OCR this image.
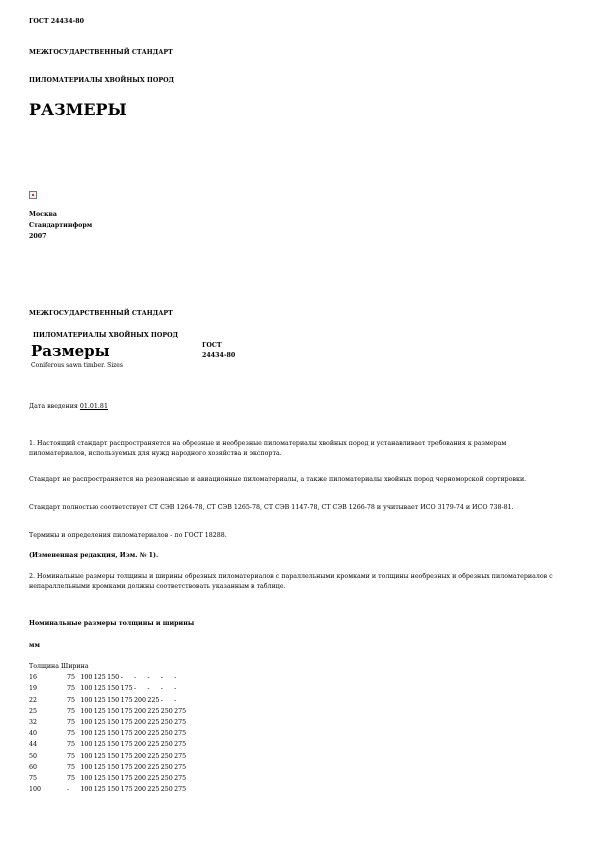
ГОСТ 24434-80
МЕЖГОСУДАРСТВЕННЫЙ СТАНДАРТ
ПИЛОМАТЕРИАЛЫ ХВОЙНЫХ ПОРОД
РАЗМЕРЫ
Москва
Стандартинформ
2007
МЕЖГОСУДАРСТВЕННЫЙ СТАНДАРТ
ПИЛОМАТЕРИАЛЫ ХВОЙНЫХ ПОРОД
Размеры
Coniferous sawn timber. Sizes
ГОСТ
24434-80
Дата введения 01.01.81
1. Настоящий стандарт распространяется на обрезные и необрезные пиломатериалы хвойных пород и устанавливает требования к размерам пиломатериалов, используемых для нужд народного хозяйства и экспорта.
Стандарт не распространяется на резонансные и авиационные пиломатериалы, а также пиломатериалы хвойных пород черноморской сортировки.
Стандарт полностью соответствует СТ СЭВ 1264-78, СТ СЭВ 1265-78, СТ СЭВ 1147-78, СТ СЭВ 1266-78 и учитывает ИСО 3179-74 и ИСО 738-81.
Термины и определения пиломатериалов - по ГОСТ 18288.
(Измененная редакция, Изм. № 1).
2. Номинальные размеры толщины и ширины обрезных пиломатериалов с параллельными кромками и толщины необрезных и обрезных пиломатериалов с непараллельными кромками должны соответствовать указанным в таблице.
Номинальные размеры толщины и ширины
мм
Толщина Ширина									
16	75	100	125	150	-	-	-	-	-
19	75	100	125	150	175	-	-	-	-
22	75	100	125	150	175	200	225	-	-
25	75	100	125	150	175	200	225	250	275
32	75	100	125	150	175	200	225	250	275
40	75	100	125	150	175	200	225	250	275
44	75	100	125	150	175	200	225	250	275
50	75	100	125	150	175	200	225	250	275
60	75	100	125	150	175	200	225	250	275
75	75	100	125	150	175	200	225	250	275
100	-	100	125	150	175	200	225	250	275
